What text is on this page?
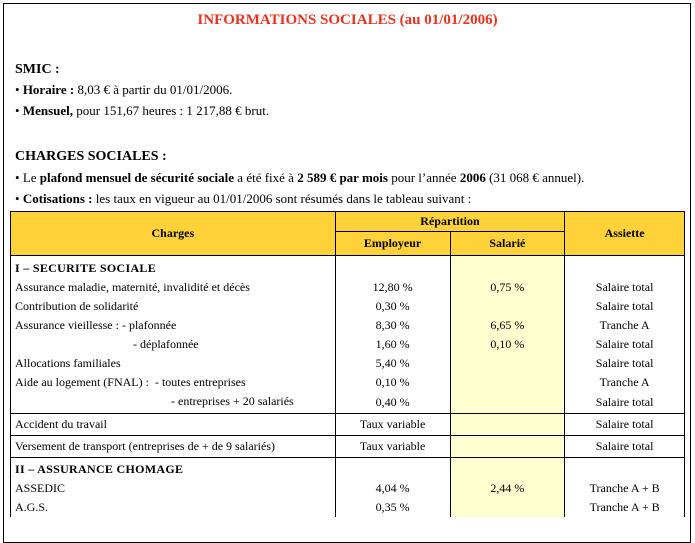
INFORMATIONS SOCIALES (au 01/01/2006)
SMIC :
• Horaire : 8,03 € à partir du 01/01/2006.
• Mensuel, pour 151,67 heures : 1 217,88 € brut.
CHARGES SOCIALES :
• Le plafond mensuel de sécurité sociale a été fixé à 2 589 € par mois pour l’année 2006 (31 068 € annuel).
• Cotisations : les taux en vigueur au 01/01/2006 sont résumés dans le tableau suivant :
Charges	Répartition		Assiette
	Employeur	Salarié	
I – SECURITE SOCIALE			
Assurance maladie, maternité, invalidité et décès	12,80 %	0,75 %	Salaire total
Contribution de solidarité	0,30 %		Salaire total
Assurance vieillesse : - plafonnée	8,30 %	6,65 %	Tranche A
- déplafonnée	1,60 %	0,10 %	Salaire total
Allocations familiales	5,40 %		Salaire total
Aide au logement (FNAL) :  - toutes entreprises	0,10 %		Tranche A
- entreprises + 20 salariés	0,40 %		Salaire total
Accident du travail	Taux variable		Salaire total
Versement de transport (entreprises de + de 9 salariés)	Taux variable		Salaire total
II – ASSURANCE CHOMAGE			
ASSEDIC	4,04 %	2,44 %	Tranche A + B
A.G.S.	0,35 %		Tranche A + B
